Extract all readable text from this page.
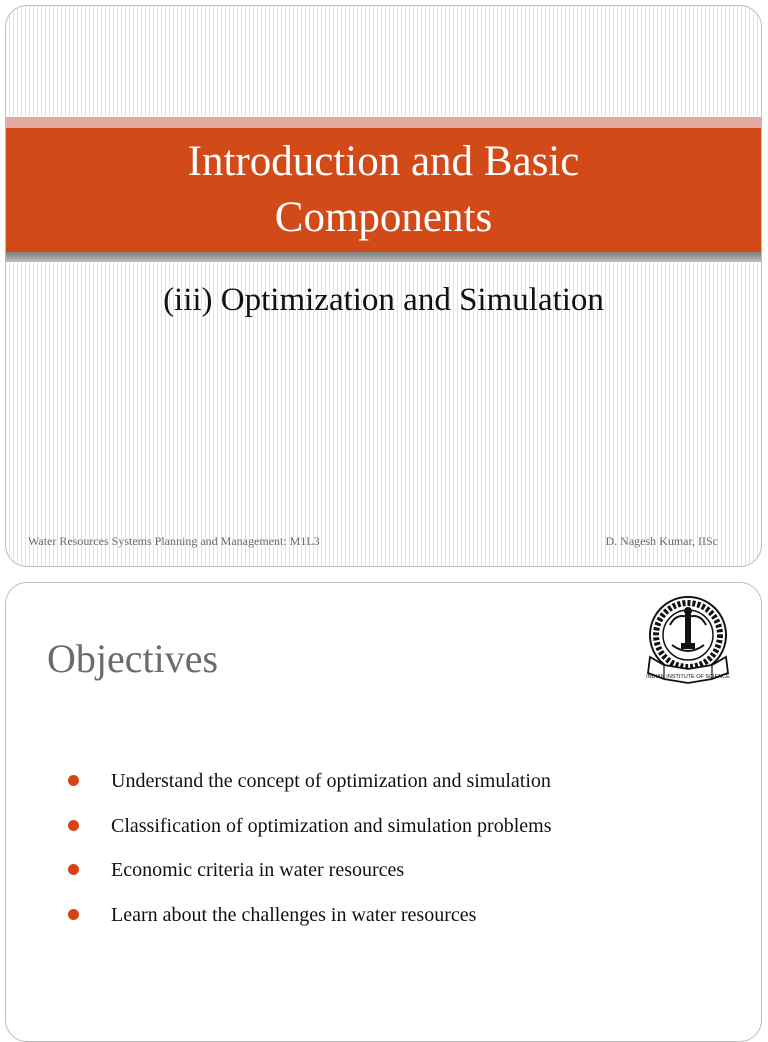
Introduction and Basic
Components
(iii) Optimization and Simulation
Water Resources Systems Planning and Management: M1L3	D. Nagesh Kumar, IISc
Objectives	INDIAN INSTITUTE OF SCIENCE
Understand the concept of optimization and simulation
Classification of optimization and simulation problems
Economic criteria in water resources
Learn about the challenges in water resources
